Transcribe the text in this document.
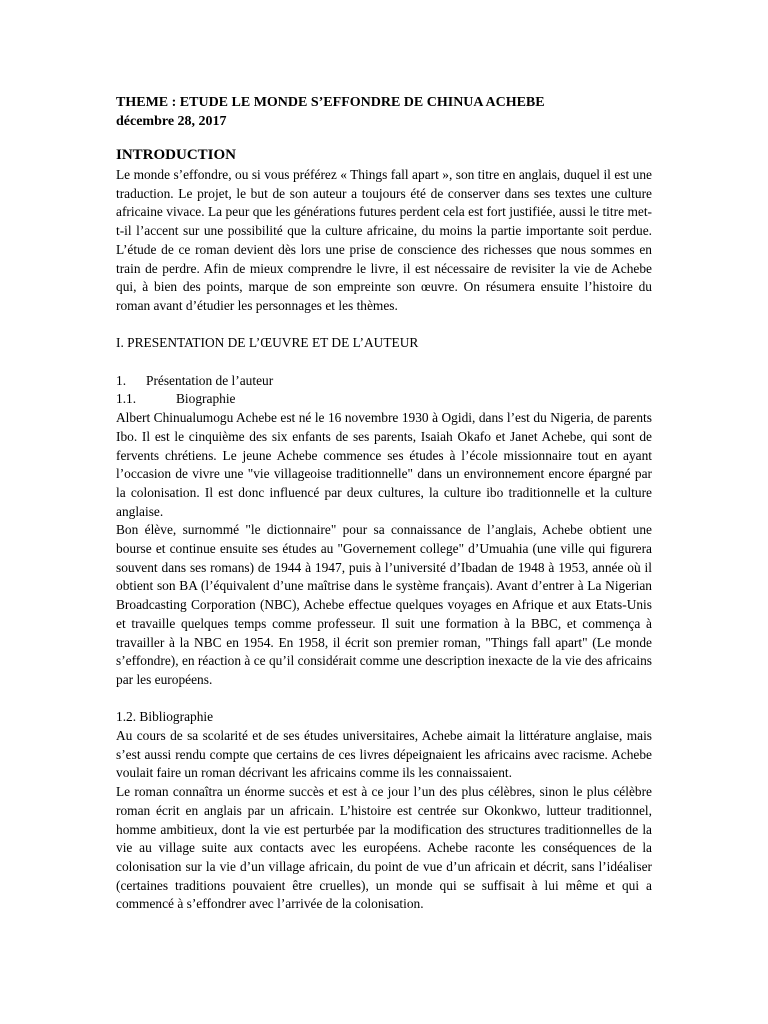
THEME : ETUDE LE MONDE S’EFFONDRE DE CHINUA ACHEBE
décembre 28, 2017
INTRODUCTION

Le monde s’effondre, ou si vous préférez « Things fall apart », son titre en anglais, duquel il est une traduction. Le projet, le but de son auteur a toujours été de conserver dans ses textes une culture africaine vivace. La peur que les générations futures perdent cela est fort justifiée, aussi le titre met-t-il l’accent sur une possibilité que la culture africaine, du moins la partie importante soit perdue. L’étude de ce roman devient dès lors une prise de conscience des richesses que nous sommes en train de perdre. Afin de mieux comprendre le livre, il est nécessaire de revisiter la vie de Achebe qui, à bien des points, marque de son empreinte son œuvre. On résumera ensuite l’histoire du roman avant d’étudier les personnages et les thèmes.

I. PRESENTATION DE L’ŒUVRE ET DE L’AUTEUR
1.	Présentation de l’auteur
1.1.	Biographie

Albert Chinualumogu Achebe est né le 16 novembre 1930 à Ogidi, dans l’est du Nigeria, de parents Ibo. Il est le cinquième des six enfants de ses parents, Isaiah Okafo et Janet Achebe, qui sont de fervents chrétiens. Le jeune Achebe commence ses études à l’école missionnaire tout en ayant l’occasion de vivre une "vie villageoise traditionnelle" dans un environnement encore épargné par la colonisation. Il est donc influencé par deux cultures, la culture ibo traditionnelle et la culture anglaise.

Bon élève, surnommé "le dictionnaire" pour sa connaissance de l’anglais, Achebe obtient une bourse et continue ensuite ses études au "Governement college" d’Umuahia (une ville qui figurera souvent dans ses romans) de 1944 à 1947, puis à l’université d’Ibadan de 1948 à 1953, année où il obtient son BA (l’équivalent d’une maîtrise dans le système français). Avant d’entrer à La Nigerian Broadcasting Corporation (NBC), Achebe effectue quelques voyages en Afrique et aux Etats-Unis et travaille quelques temps comme professeur. Il suit une formation à la BBC, et commença à travailler à la NBC en 1954. En 1958, il écrit son premier roman, "Things fall apart" (Le monde s’effondre), en réaction à ce qu’il considérait comme une description inexacte de la vie des africains par les européens.

1.2. Bibliographie

Au cours de sa scolarité et de ses études universitaires, Achebe aimait la littérature anglaise, mais s’est aussi rendu compte que certains de ces livres dépeignaient les africains avec racisme. Achebe voulait faire un roman décrivant les africains comme ils les connaissaient.

Le roman connaîtra un énorme succès et est à ce jour l’un des plus célèbres, sinon le plus célèbre roman écrit en anglais par un africain. L’histoire est centrée sur Okonkwo, lutteur traditionnel, homme ambitieux, dont la vie est perturbée par la modification des structures traditionnelles de la vie au village suite aux contacts avec les européens. Achebe raconte les conséquences de la colonisation sur la vie d’un village africain, du point de vue d’un africain et décrit, sans l’idéaliser (certaines traditions pouvaient être cruelles), un monde qui se suffisait à lui même et qui a commencé à s’effondrer avec l’arrivée de la colonisation.
